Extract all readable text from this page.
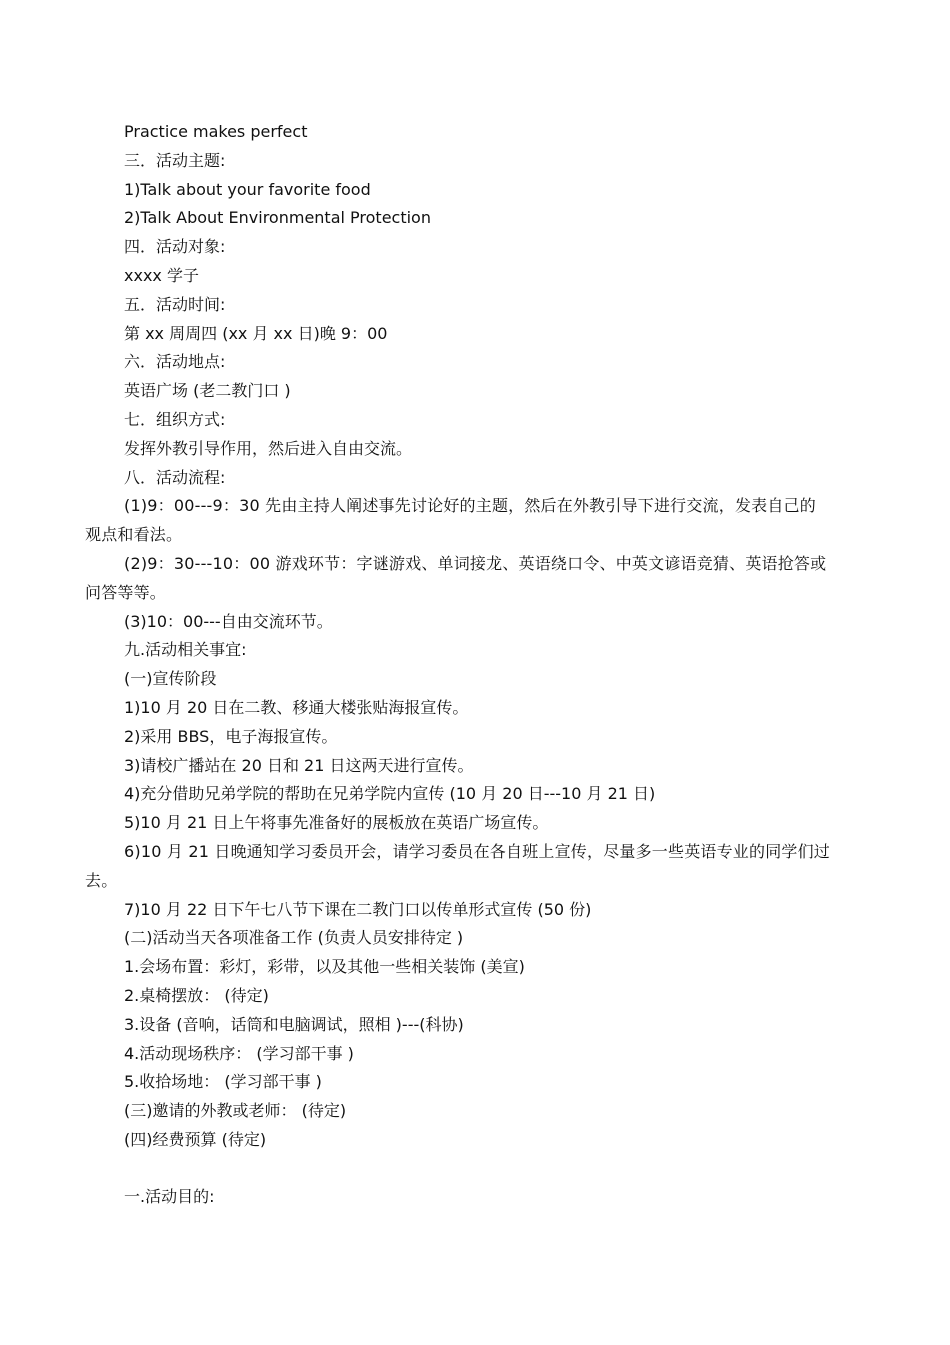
Practice makes perfect
三．活动主题:
1)Talk about your favorite food
2)Talk About Environmental Protection
四．活动对象:
xxxx 学子
五．活动时间:
第 xx 周周四 (xx 月 xx 日)晚 9：00
六．活动地点:
英语广场 (老二教门口 )
七．组织方式:
发挥外教引导作用，然后进入自由交流。
八．活动流程:
(1)9：00---9：30 先由主持人阐述事先讨论好的主题，然后在外教引导下进行交流，发表自己的观点和看法。
(2)9：30---10：00 游戏环节：字谜游戏、单词接龙、英语绕口令、中英文谚语竞猜、英语抢答或问答等等。
(3)10：00---自由交流环节。
九.活动相关事宜:
(一)宣传阶段
1)10 月 20 日在二教、移通大楼张贴海报宣传。
2)采用 BBS，电子海报宣传。
3)请校广播站在 20 日和 21 日这两天进行宣传。
4)充分借助兄弟学院的帮助在兄弟学院内宣传 (10 月 20 日---10 月 21 日)
5)10 月 21 日上午将事先准备好的展板放在英语广场宣传。
6)10 月 21 日晚通知学习委员开会，请学习委员在各自班上宣传，尽量多一些英语专业的同学们过去。
7)10 月 22 日下午七八节下课在二教门口以传单形式宣传 (50 份)
(二)活动当天各项准备工作 (负责人员安排待定 )
1.会场布置：彩灯，彩带，以及其他一些相关装饰 (美宣)
2.桌椅摆放： (待定)
3.设备 (音响，话筒和电脑调试，照相 )---(科协)
4.活动现场秩序： (学习部干事 )
5.收拾场地： (学习部干事 )
(三)邀请的外教或老师： (待定)
(四)经费预算 (待定)
一.活动目的:
